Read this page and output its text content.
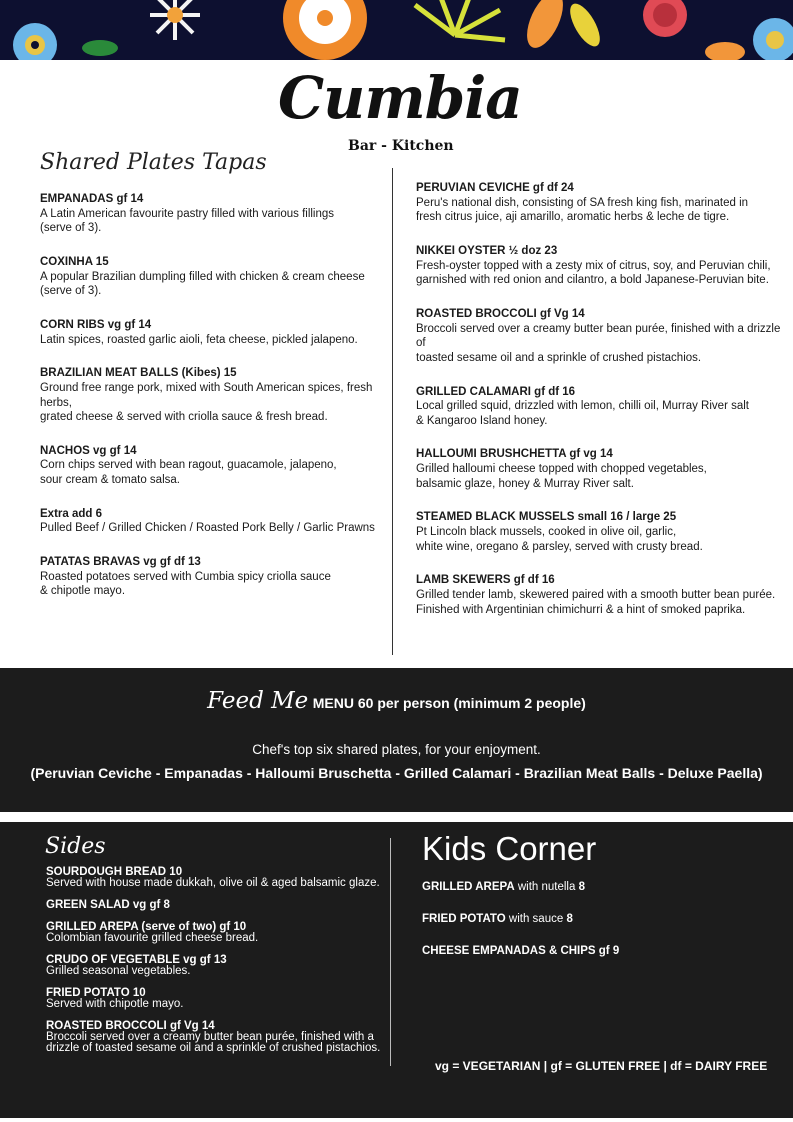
Cumbia
Bar - Kitchen
Shared Plates Tapas
EMPANADAS gf 14
A Latin American favourite pastry filled with various fillings
(serve of 3).
COXINHA 15
A popular Brazilian dumpling filled with chicken & cream cheese
(serve of 3).
CORN RIBS vg gf 14
Latin spices, roasted garlic aioli, feta cheese, pickled jalapeno.
BRAZILIAN MEAT BALLS (Kibes) 15
Ground free range pork, mixed with South American spices, fresh herbs,
grated cheese & served with criolla sauce & fresh bread.
NACHOS vg gf 14
Corn chips served with bean ragout, guacamole, jalapeno,
sour cream & tomato salsa.
Extra add 6
Pulled Beef / Grilled Chicken / Roasted Pork Belly / Garlic Prawns
PATATAS BRAVAS vg gf df 13
Roasted potatoes served with Cumbia spicy criolla sauce
& chipotle mayo.
PERUVIAN CEVICHE gf df 24
Peru's national dish, consisting of SA fresh king fish, marinated in
fresh citrus juice, aji amarillo, aromatic herbs & leche de tigre.
NIKKEI OYSTER ½ doz 23
Fresh-oyster topped with a zesty mix of citrus, soy, and Peruvian chili,
garnished with red onion and cilantro, a bold Japanese-Peruvian bite.
ROASTED BROCCOLI gf Vg 14
Broccoli served over a creamy butter bean purée, finished with a drizzle of
toasted sesame oil and a sprinkle of crushed pistachios.
GRILLED CALAMARI gf df 16
Local grilled squid, drizzled with lemon, chilli oil, Murray River salt
& Kangaroo Island honey.
HALLOUMI BRUSHCHETTA gf vg 14
Grilled halloumi cheese topped with chopped vegetables,
balsamic glaze, honey & Murray River salt.
STEAMED BLACK MUSSELS small 16 / large 25
Pt Lincoln black mussels, cooked in olive oil, garlic,
white wine, oregano & parsley, served with crusty bread.
LAMB SKEWERS gf df 16
Grilled tender lamb, skewered paired with a smooth butter bean purée.
Finished with Argentinian chimichurri & a hint of smoked paprika.
Feed Me MENU 60 per person (minimum 2 people)
Chef's top six shared plates, for your enjoyment.
(Peruvian Ceviche - Empanadas - Halloumi Bruschetta - Grilled Calamari - Brazilian Meat Balls - Deluxe Paella)
Sides
SOURDOUGH BREAD 10
Served with house made dukkah, olive oil & aged balsamic glaze.
GREEN SALAD vg gf 8
GRILLED AREPA (serve of two) gf 10
Colombian favourite grilled cheese bread.
CRUDO OF VEGETABLE vg gf 13
Grilled seasonal vegetables.
FRIED POTATO 10
Served with chipotle mayo.
ROASTED BROCCOLI gf Vg 14
Broccoli served over a creamy butter bean purée, finished with a
drizzle of toasted sesame oil and a sprinkle of crushed pistachios.
Kids Corner
GRILLED AREPA with nutella 8
FRIED POTATO with sauce 8
CHEESE EMPANADAS & CHIPS gf 9
vg = VEGETARIAN | gf = GLUTEN FREE | df = DAIRY FREE
